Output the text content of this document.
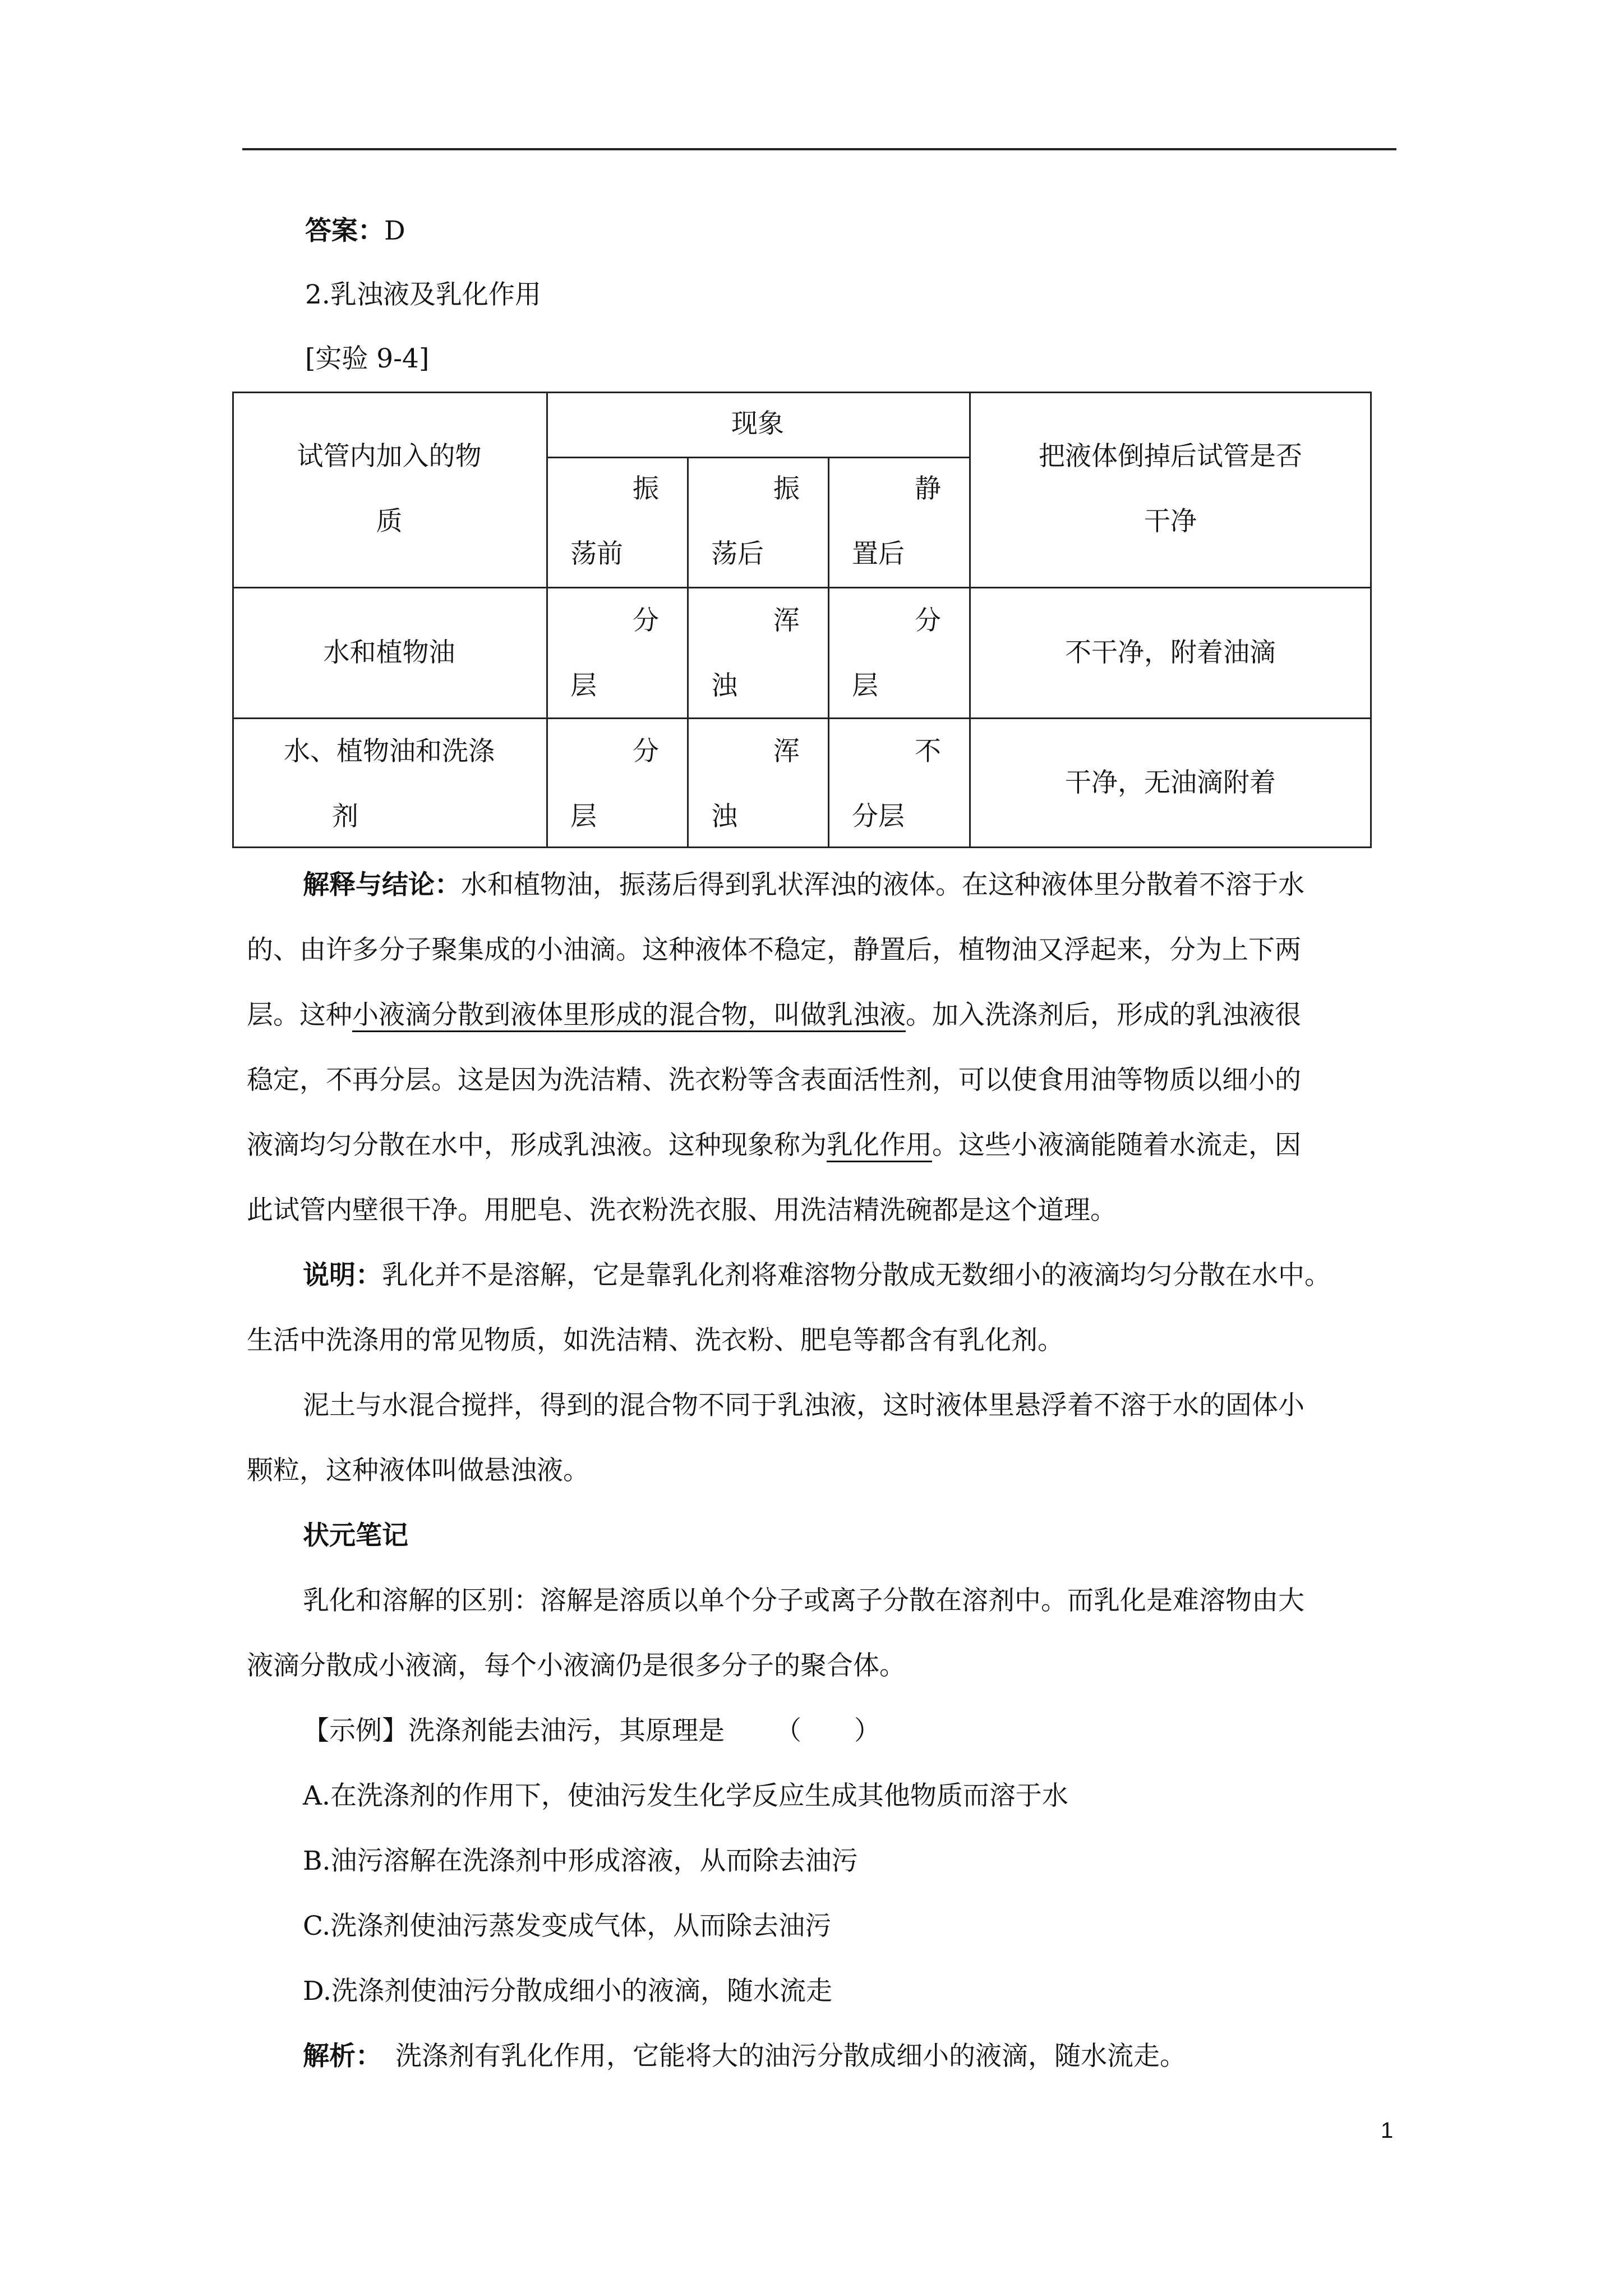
答案：D
2.乳浊液及乳化作用
[实验 9-4]
试管内加入的物
质
现象
振
荡前
振
荡后
静
置后
把液体倒掉后试管是否
干净
水和植物油
分
层
浑
浊
分
层
不干净，附着油滴
水、植物油和洗涤
剂
分
层
浑
浊
不
分层
干净，无油滴附着

解释与结论：水和植物油，振荡后得到乳状浑浊的液体。在这种液体里分散着不溶于水

的、由许多分子聚集成的小油滴。这种液体不稳定，静置后，植物油又浮起来，分为上下两

层。这种小液滴分散到液体里形成的混合物，叫做乳浊液。加入洗涤剂后，形成的乳浊液很

稳定，不再分层。这是因为洗洁精、洗衣粉等含表面活性剂，可以使食用油等物质以细小的

液滴均匀分散在水中，形成乳浊液。这种现象称为乳化作用。这些小液滴能随着水流走，因

此试管内壁很干净。用肥皂、洗衣粉洗衣服、用洗洁精洗碗都是这个道理。

说明：乳化并不是溶解，它是靠乳化剂将难溶物分散成无数细小的液滴均匀分散在水中。

生活中洗涤用的常见物质，如洗洁精、洗衣粉、肥皂等都含有乳化剂。

泥土与水混合搅拌，得到的混合物不同于乳浊液，这时液体里悬浮着不溶于水的固体小

颗粒，这种液体叫做悬浊液。

状元笔记

乳化和溶解的区别：溶解是溶质以单个分子或离子分散在溶剂中。而乳化是难溶物由大

液滴分散成小液滴，每个小液滴仍是很多分子的聚合体。

【示例】洗涤剂能去油污，其原理是 （　　）

A.在洗涤剂的作用下，使油污发生化学反应生成其他物质而溶于水

B.油污溶解在洗涤剂中形成溶液，从而除去油污

C.洗涤剂使油污蒸发变成气体，从而除去油污

D.洗涤剂使油污分散成细小的液滴，随水流走

解析： 洗涤剂有乳化作用，它能将大的油污分散成细小的液滴，随水流走。

1
